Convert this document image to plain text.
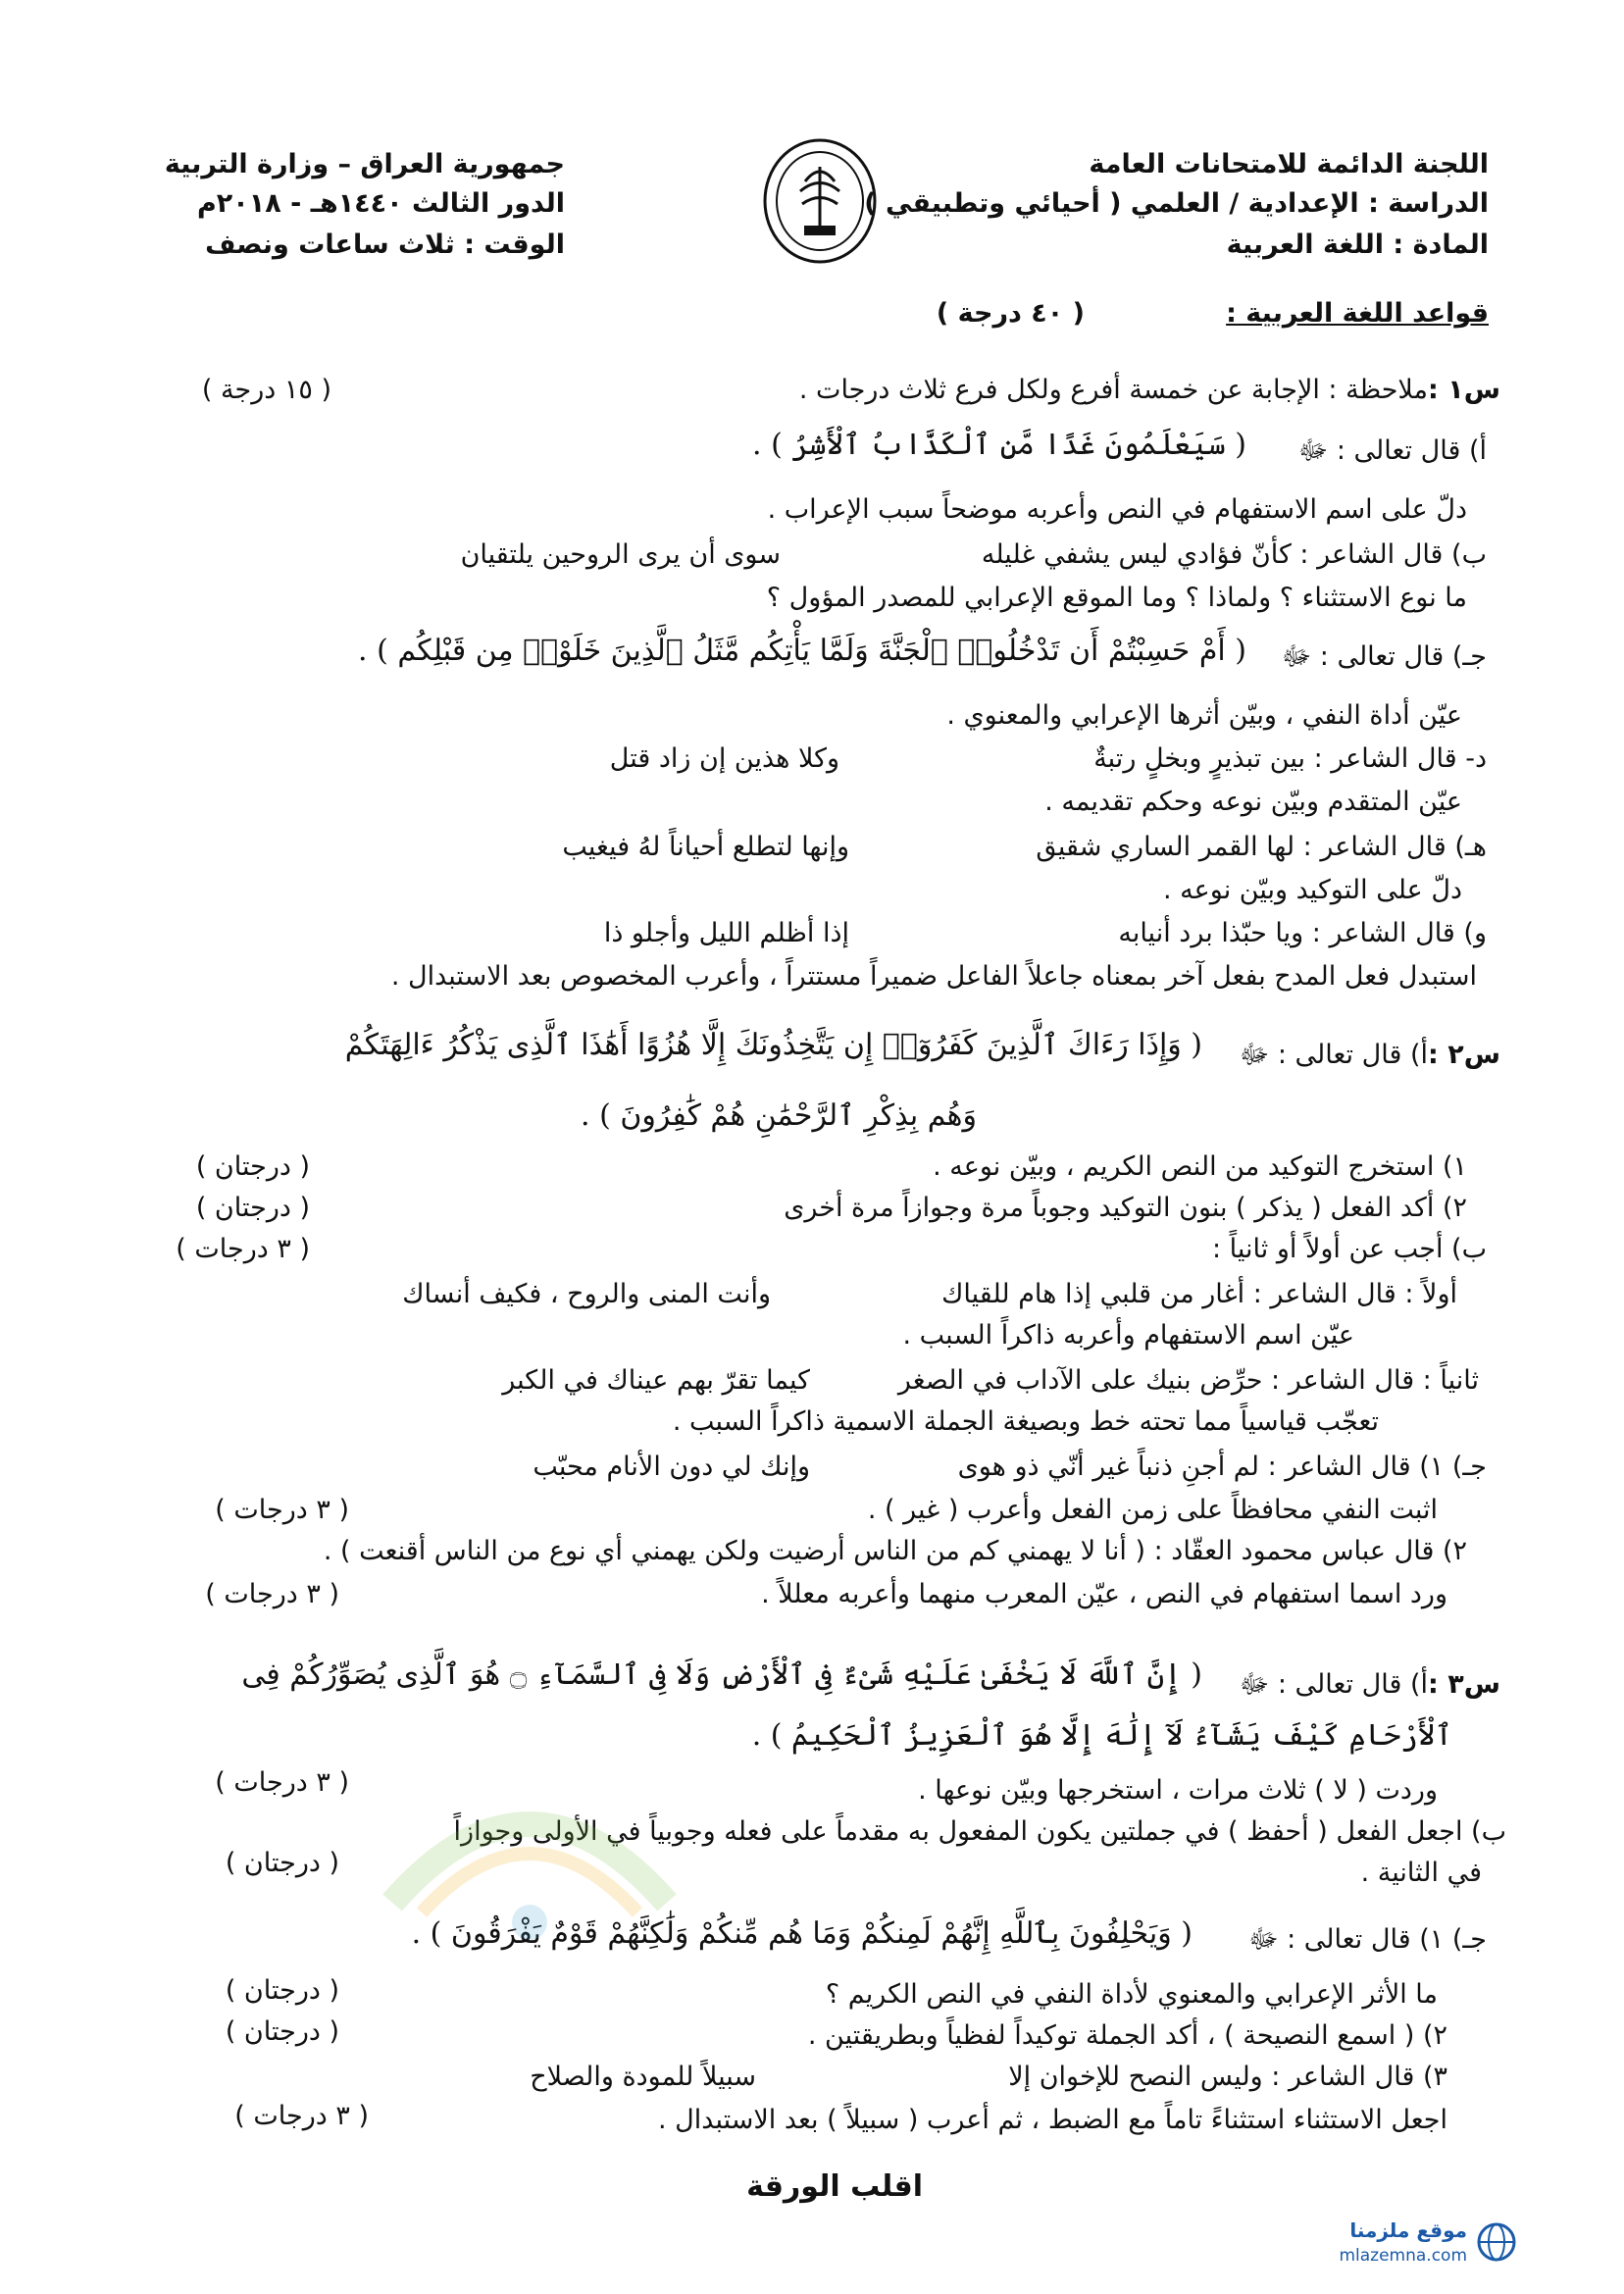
اللجنة الدائمة للامتحانات العامة
الدراسة : الإعدادية / العلمي ( أحيائي وتطبيقي )
المادة : اللغة العربية
جمهورية العراق – وزارة التربية
الدور الثالث ١٤٤٠هـ - ٢٠١٨م
الوقت : ثلاث ساعات ونصف
قواعد اللغة العربية :
( ٤٠ درجة )
س١ :
ملاحظة : الإجابة عن خمسة أفرع ولكل فرع ثلاث درجات .
( ١٥ درجة )
أ) قال تعالى : ﷻ
( سَيَعْلَمُونَ غَدًا مَّنِ ٱلْكَذَّابُ ٱلْأَشِرُ ) .
دلّ على اسم الاستفهام في النص وأعربه موضحاً سبب الإعراب .
ب) قال الشاعر : كأنّ فؤادي ليس يشفي غليله
سوى أن يرى الروحين يلتقيان
ما نوع الاستثناء ؟ ولماذا ؟ وما الموقع الإعرابي للمصدر المؤول ؟
جـ) قال تعالى : ﷻ
( أَمْ حَسِبْتُمْ أَن تَدْخُلُوا۟ ٱلْجَنَّةَ وَلَمَّا يَأْتِكُم مَّثَلُ ٱلَّذِينَ خَلَوْا۟ مِن قَبْلِكُم ) .
عيّن أداة النفي ، وبيّن أثرها الإعرابي والمعنوي .
د- قال الشاعر : بين تبذيرٍ وبخلٍ رتبةٌ
وكلا هذين إن زاد قتل
عيّن المتقدم وبيّن نوعه وحكم تقديمه .
هـ) قال الشاعر : لها القمر الساري شقيق
وإنها لتطلع أحياناً لهُ فيغيب
دلّ على التوكيد وبيّن نوعه .
و) قال الشاعر : ويا حبّذا برد أنيابه
إذا أظلم الليل وأجلو ذا
استبدل فعل المدح بفعل آخر بمعناه جاعلاً الفاعل ضميراً مستتراً ، وأعرب المخصوص بعد الاستبدال .
س٢ :
أ) قال تعالى : ﷻ
( وَإِذَا رَءَاكَ ٱلَّذِينَ كَفَرُوٓا۟ إِن يَتَّخِذُونَكَ إِلَّا هُزُوًا أَهَٰذَا ٱلَّذِى يَذْكُرُ ءَالِهَتَكُمْ
وَهُم بِذِكْرِ ٱلرَّحْمَٰنِ هُمْ كَٰفِرُونَ ) .
١) استخرج التوكيد من النص الكريم ، وبيّن نوعه .
( درجتان )
٢) أكد الفعل ( يذكر ) بنون التوكيد وجوباً مرة وجوازاً مرة أخرى
( درجتان )
ب) أجب عن أولاً أو ثانياً :
( ٣ درجات )
أولاً : قال الشاعر : أغار من قلبي إذا هام للقياك
وأنت المنى والروح ، فكيف أنساك
عيّن اسم الاستفهام وأعربه ذاكراً السبب .
ثانياً : قال الشاعر : حرِّض بنيك على الآداب في الصغر
كيما تقرّ بهم عيناك في الكبر
تعجّب قياسياً مما تحته خط وبصيغة الجملة الاسمية ذاكراً السبب .
جـ) ١) قال الشاعر : لم أجنِ ذنباً غير أنّي ذو هوى
وإنك لي دون الأنام محبّب
اثبت النفي محافظاً على زمن الفعل وأعرب ( غير ) .
( ٣ درجات )
٢) قال عباس محمود العقّاد : ( أنا لا يهمني كم من الناس أرضيت ولكن يهمني أي نوع من الناس أقنعت ) .
ورد اسما استفهام في النص ، عيّن المعرب منهما وأعربه معللاً .
( ٣ درجات )
س٣ :
أ) قال تعالى : ﷻ
( إِنَّ ٱللَّهَ لَا يَخْفَىٰ عَلَيْهِ شَىْءٌ فِى ٱلْأَرْضِ وَلَا فِى ٱلسَّمَآءِ ۝ هُوَ ٱلَّذِى يُصَوِّرُكُمْ فِى
ٱلْأَرْحَامِ كَيْفَ يَشَآءُ لَآ إِلَٰهَ إِلَّا هُوَ ٱلْعَزِيزُ ٱلْحَكِيمُ ) .
وردت ( لا ) ثلاث مرات ، استخرجها وبيّن نوعها .
( ٣ درجات )
ب) اجعل الفعل ( أحفظ ) في جملتين يكون المفعول به مقدماً على فعله وجوبياً في الأولى وجوازاً
في الثانية .
( درجتان )
جـ) ١) قال تعالى : ﷻ
( وَيَحْلِفُونَ بِٱللَّهِ إِنَّهُمْ لَمِنكُمْ وَمَا هُم مِّنكُمْ وَلَٰكِنَّهُمْ قَوْمٌ يَفْرَقُونَ ) .
ما الأثر الإعرابي والمعنوي لأداة النفي في النص الكريم ؟
( درجتان )
٢) ( اسمع النصيحة ) ، أكد الجملة توكيداً لفظياً وبطريقتين .
( درجتان )
٣) قال الشاعر : وليس النصح للإخوان إلا
سبيلاً للمودة والصلاح
اجعل الاستثناء استثناءً تاماً مع الضبط ، ثم أعرب ( سبيلاً ) بعد الاستبدال .
( ٣ درجات )
اقلب الورقة
موقع ملزمنا
mlazemna.com
